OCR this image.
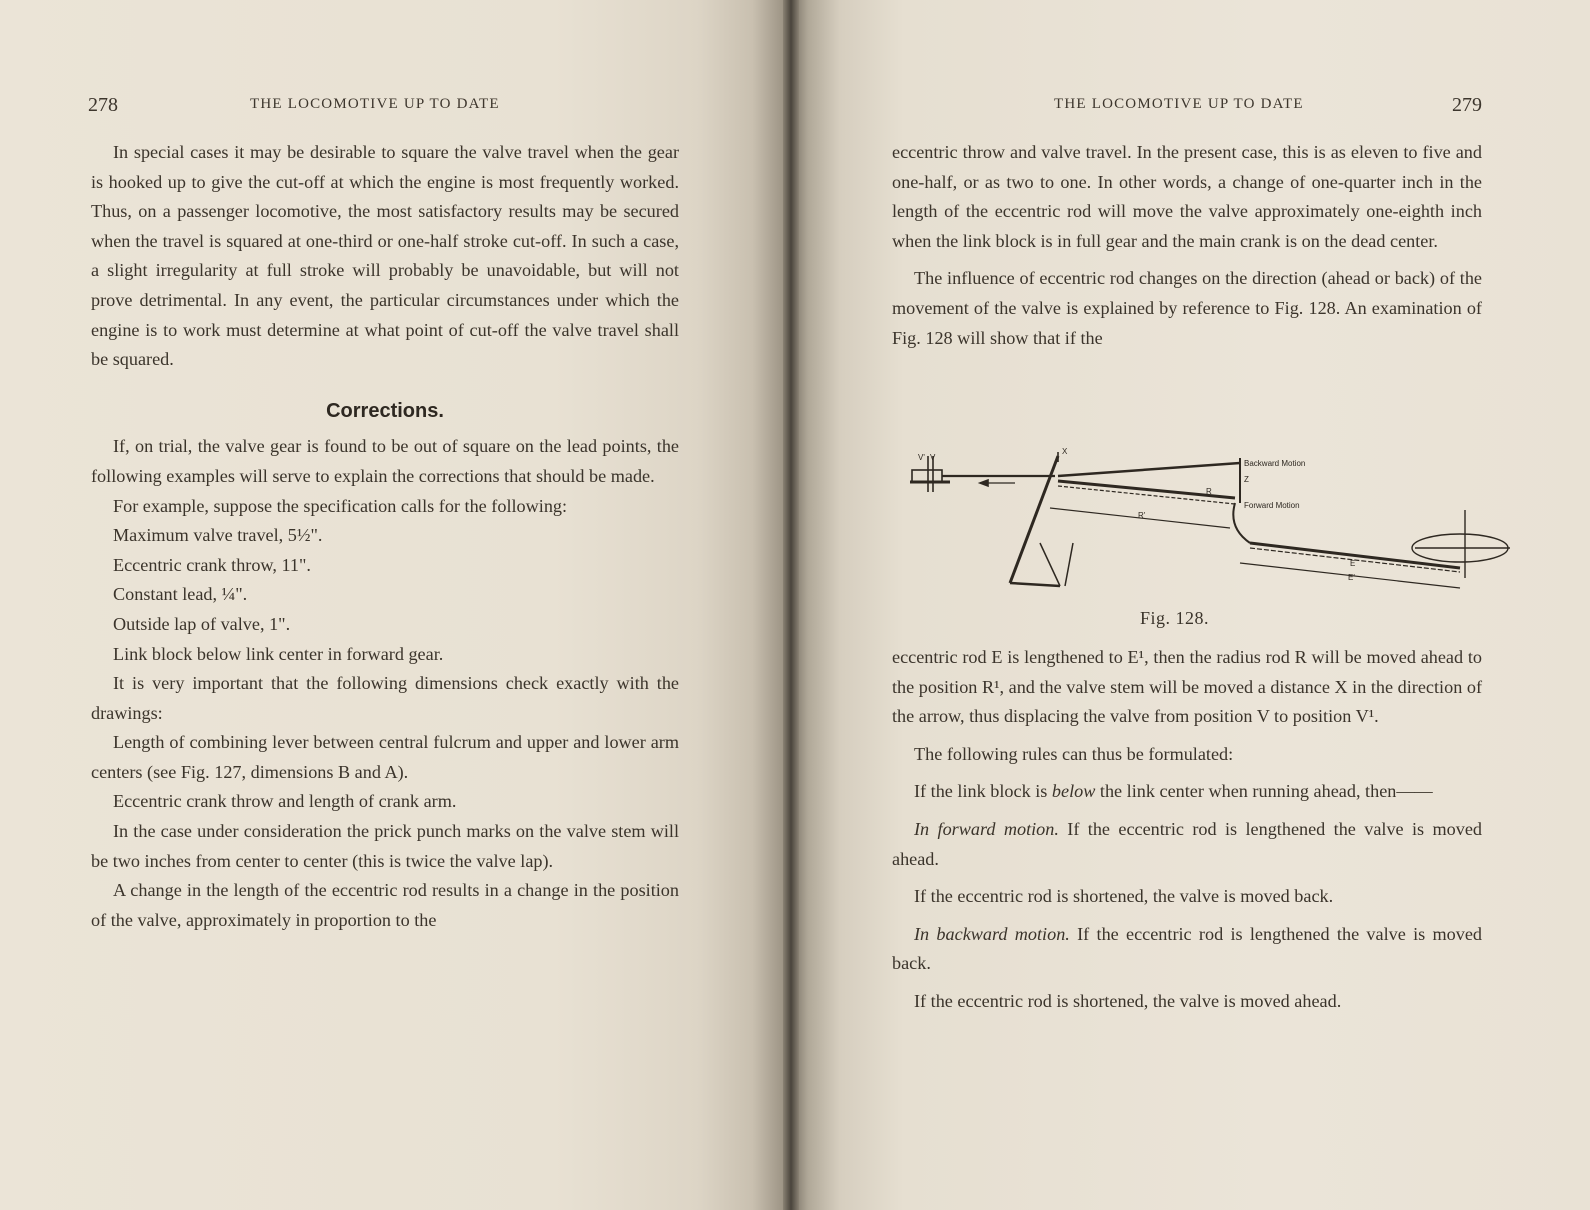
278	THE LOCOMOTIVE UP TO DATE

In special cases it may be desirable to square the valve travel when the gear is hooked up to give the cut-off at which the engine is most frequently worked. Thus, on a passenger locomotive, the most satisfactory results may be secured when the travel is squared at one-third or one-half stroke cut-off. In such a case, a slight irregularity at full stroke will probably be unavoidable, but will not prove detrimental. In any event, the particular circumstances under which the engine is to work must determine at what point of cut-off the valve travel shall be squared.

Corrections.

If, on trial, the valve gear is found to be out of square on the lead points, the following examples will serve to explain the corrections that should be made.

For example, suppose the specification calls for the following:

Maximum valve travel, 5½".

Eccentric crank throw, 11".

Constant lead, ¼".

Outside lap of valve, 1".

Link block below link center in forward gear.

It is very important that the following dimensions check exactly with the drawings:

Length of combining lever between central fulcrum and upper and lower arm centers (see Fig. 127, dimensions B and A).

Eccentric crank throw and length of crank arm.

In the case under consideration the prick punch marks on the valve stem will be two inches from center to center (this is twice the valve lap).

A change in the length of the eccentric rod results in a change in the position of the valve, approximately in proportion to the

THE LOCOMOTIVE UP TO DATE	279

eccentric throw and valve travel. In the present case, this is as eleven to five and one-half, or as two to one. In other words, a change of one-quarter inch in the length of the eccentric rod will move the valve approximately one-eighth inch when the link block is in full gear and the main crank is on the dead center.

The influence of eccentric rod changes on the direction (ahead or back) of the movement of the valve is explained by reference to Fig. 128. An examination of Fig. 128 will show that if the

eccentric rod E is lengthened to E¹, then the radius rod R will be moved ahead to the position R¹, and the valve stem will be moved a distance X in the direction of the arrow, thus displacing the valve from position V to position V¹.

The following rules can thus be formulated:

If the link block is below the link center when running ahead, then——

In forward motion. If the eccentric rod is lengthened the valve is moved ahead.

If the eccentric rod is shortened, the valve is moved back.

In backward motion. If the eccentric rod is lengthened the valve is moved back.

If the eccentric rod is shortened, the valve is moved ahead.

V' V
X
Backward Motion
Z
R
Forward Motion
R'
E
E'
Fig. 128.
